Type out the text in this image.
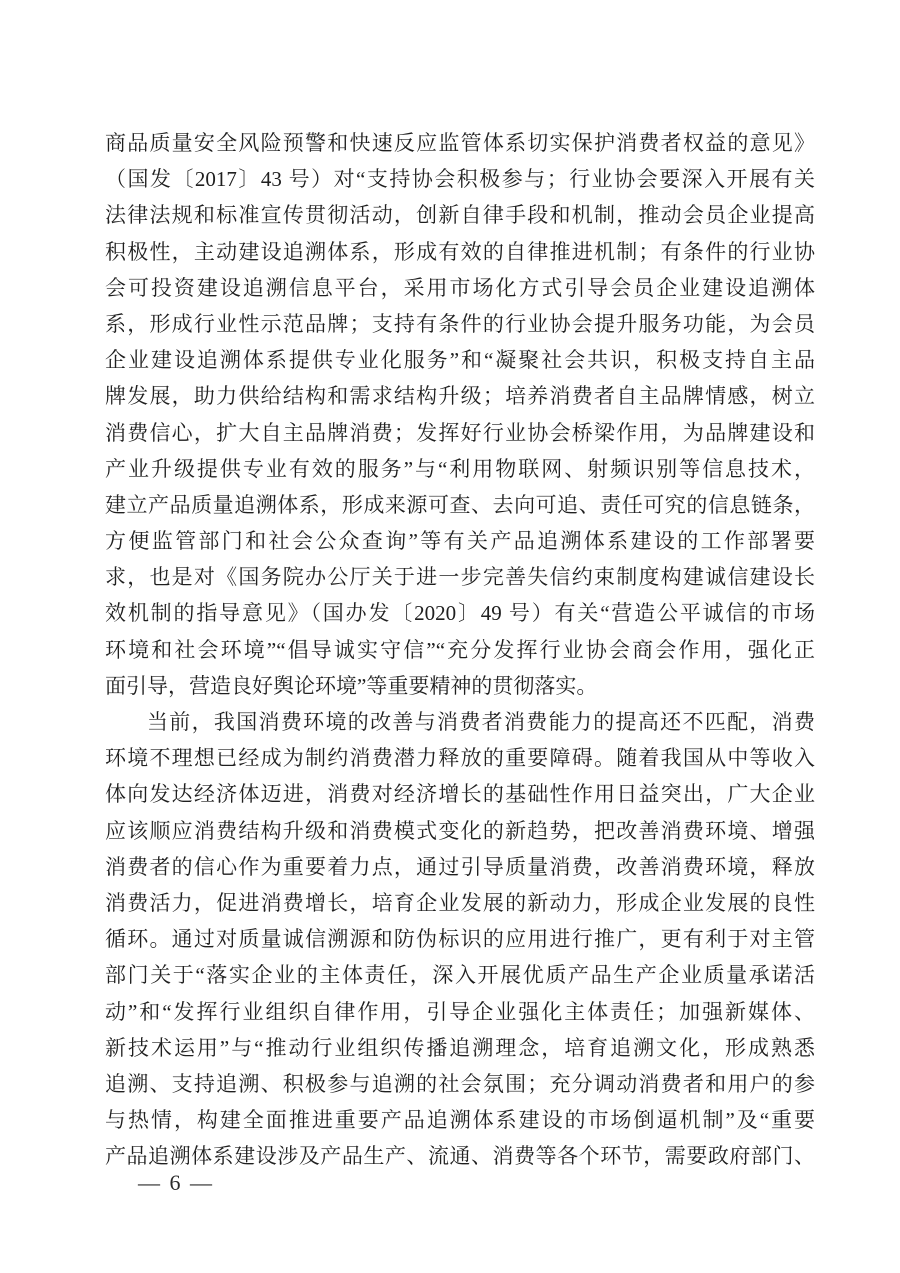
商品质量安全风险预警和快速反应监管体系切实保护消费者权益的意见》
（国发〔2017〕43 号）对“支持协会积极参与；行业协会要深入开展有关
法律法规和标准宣传贯彻活动，创新自律手段和机制，推动会员企业提高
积极性，主动建设追溯体系，形成有效的自律推进机制；有条件的行业协
会可投资建设追溯信息平台，采用市场化方式引导会员企业建设追溯体
系，形成行业性示范品牌；支持有条件的行业协会提升服务功能，为会员
企业建设追溯体系提供专业化服务”和“凝聚社会共识，积极支持自主品
牌发展，助力供给结构和需求结构升级；培养消费者自主品牌情感，树立
消费信心，扩大自主品牌消费；发挥好行业协会桥梁作用，为品牌建设和
产业升级提供专业有效的服务”与“利用物联网、射频识别等信息技术，
建立产品质量追溯体系，形成来源可查、去向可追、责任可究的信息链条，
方便监管部门和社会公众查询”等有关产品追溯体系建设的工作部署要
求，也是对《国务院办公厅关于进一步完善失信约束制度构建诚信建设长
效机制的指导意见》（国办发〔2020〕49 号）有关“营造公平诚信的市场
环境和社会环境”“倡导诚实守信”“充分发挥行业协会商会作用，强化正
面引导，营造良好舆论环境”等重要精神的贯彻落实。
当前，我国消费环境的改善与消费者消费能力的提高还不匹配，消费
环境不理想已经成为制约消费潜力释放的重要障碍。随着我国从中等收入
体向发达经济体迈进，消费对经济增长的基础性作用日益突出，广大企业
应该顺应消费结构升级和消费模式变化的新趋势，把改善消费环境、增强
消费者的信心作为重要着力点，通过引导质量消费，改善消费环境，释放
消费活力，促进消费增长，培育企业发展的新动力，形成企业发展的良性
循环。通过对质量诚信溯源和防伪标识的应用进行推广，更有利于对主管
部门关于“落实企业的主体责任，深入开展优质产品生产企业质量承诺活
动”和“发挥行业组织自律作用，引导企业强化主体责任；加强新媒体、
新技术运用”与“推动行业组织传播追溯理念，培育追溯文化，形成熟悉
追溯、支持追溯、积极参与追溯的社会氛围；充分调动消费者和用户的参
与热情，构建全面推进重要产品追溯体系建设的市场倒逼机制”及“重要
产品追溯体系建设涉及产品生产、流通、消费等各个环节，需要政府部门、
— 6 —
